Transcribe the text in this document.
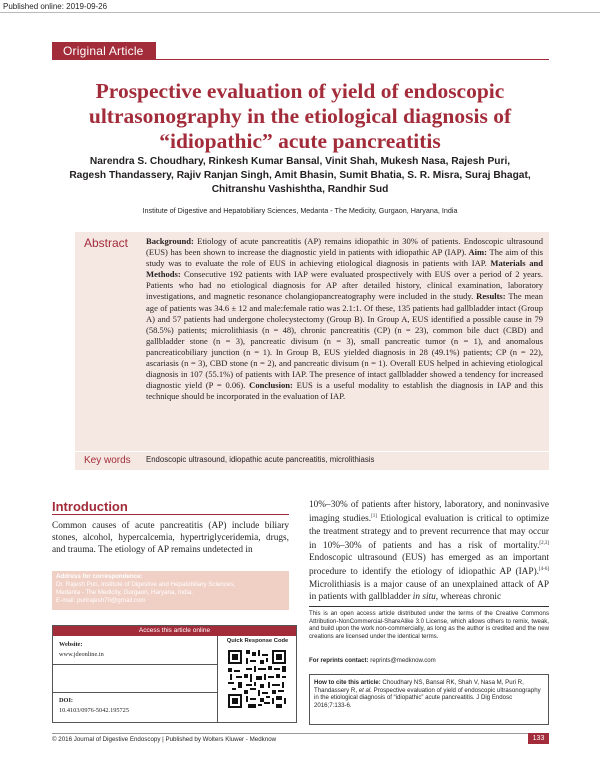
Published online: 2019-09-26
Original Article
Prospective evaluation of yield of endoscopic ultrasonography in the etiological diagnosis of “idiopathic” acute pancreatitis
Narendra S. Choudhary, Rinkesh Kumar Bansal, Vinit Shah, Mukesh Nasa, Rajesh Puri,
Ragesh Thandassery, Rajiv Ranjan Singh, Amit Bhasin, Sumit Bhatia, S. R. Misra, Suraj Bhagat,
Chitranshu Vashishtha, Randhir Sud
Institute of Digestive and Hepatobiliary Sciences, Medanta - The Medicity, Gurgaon, Haryana, India
Abstract Background: Etiology of acute pancreatitis (AP) remains idiopathic in 30% of patients. Endoscopic ultrasound (EUS) has been shown to increase the diagnostic yield in patients with idiopathic AP (IAP). Aim: The aim of this study was to evaluate the role of EUS in achieving etiological diagnosis in patients with IAP. Materials and Methods: Consecutive 192 patients with IAP were evaluated prospectively with EUS over a period of 2 years. Patients who had no etiological diagnosis for AP after detailed history, clinical examination, laboratory investigations, and magnetic resonance cholangiopancreatography were included in the study. Results: The mean age of patients was 34.6 ± 12 and male:female ratio was 2.1:1. Of these, 135 patients had gallbladder intact (Group A) and 57 patients had undergone cholecystectomy (Group B). In Group A, EUS identified a possible cause in 79 (58.5%) patients; microlithiasis (n = 48), chronic pancreatitis (CP) (n = 23), common bile duct (CBD) and gallbladder stone (n = 3), pancreatic divisum (n = 3), small pancreatic tumor (n = 1), and anomalous pancreaticobiliary junction (n = 1). In Group B, EUS yielded diagnosis in 28 (49.1%) patients; CP (n = 22), ascariasis (n = 3), CBD stone (n = 2), and pancreatic divisum (n = 1). Overall EUS helped in achieving etiological diagnosis in 107 (55.1%) of patients with IAP. The presence of intact gallbladder showed a tendency for increased diagnostic yield (P = 0.06). Conclusion: EUS is a useful modality to establish the diagnosis in IAP and this technique should be incorporated in the evaluation of IAP.
Key words Endoscopic ultrasound, idiopathic acute pancreatitis, microlithiasis
Introduction

Common causes of acute pancreatitis (AP) include biliary stones, alcohol, hypercalcemia, hypertriglyceridemia, drugs, and trauma. The etiology of AP remains undetected in

10%–30% of patients after history, laboratory, and noninvasive imaging studies.[1] Etiological evaluation is critical to optimize the treatment strategy and to prevent recurrence that may occur in 10%–30% of patients and has a risk of mortality.[2,3] Endoscopic ultrasound (EUS) has emerged as an important procedure to identify the etiology of idiopathic AP (IAP).[4-6] Microlithiasis is a major cause of an unexplained attack of AP in patients with gallbladder in situ, whereas chronic

Address for correspondence:
Dr. Rajesh Puri, Institute of Digestive and Hepatobiliary Sciences,
Medanta - The Medicity, Gurgaon, Haryana, India.
E-mail: purirajesh70@gmail.com
Access this article online
Website:
www.jdeonline.in
DOI:
10.4103/0976-5042.195725
Quick Response Code
This is an open access article distributed under the terms of the Creative Commons Attribution-NonCommercial-ShareAlike 3.0 License, which allows others to remix, tweak, and build upon the work non-commercially, as long as the author is credited and the new creations are licensed under the identical terms.
For reprints contact: reprints@medknow.com
How to cite this article: Choudhary NS, Bansal RK, Shah V, Nasa M, Puri R, Thandassery R, et al. Prospective evaluation of yield of endoscopic ultrasonography in the etiological diagnosis of “idiopathic” acute pancreatitis. J Dig Endosc 2016;7:133-6.
© 2016 Journal of Digestive Endoscopy | Published by Wolters Kluwer - Medknow	133
